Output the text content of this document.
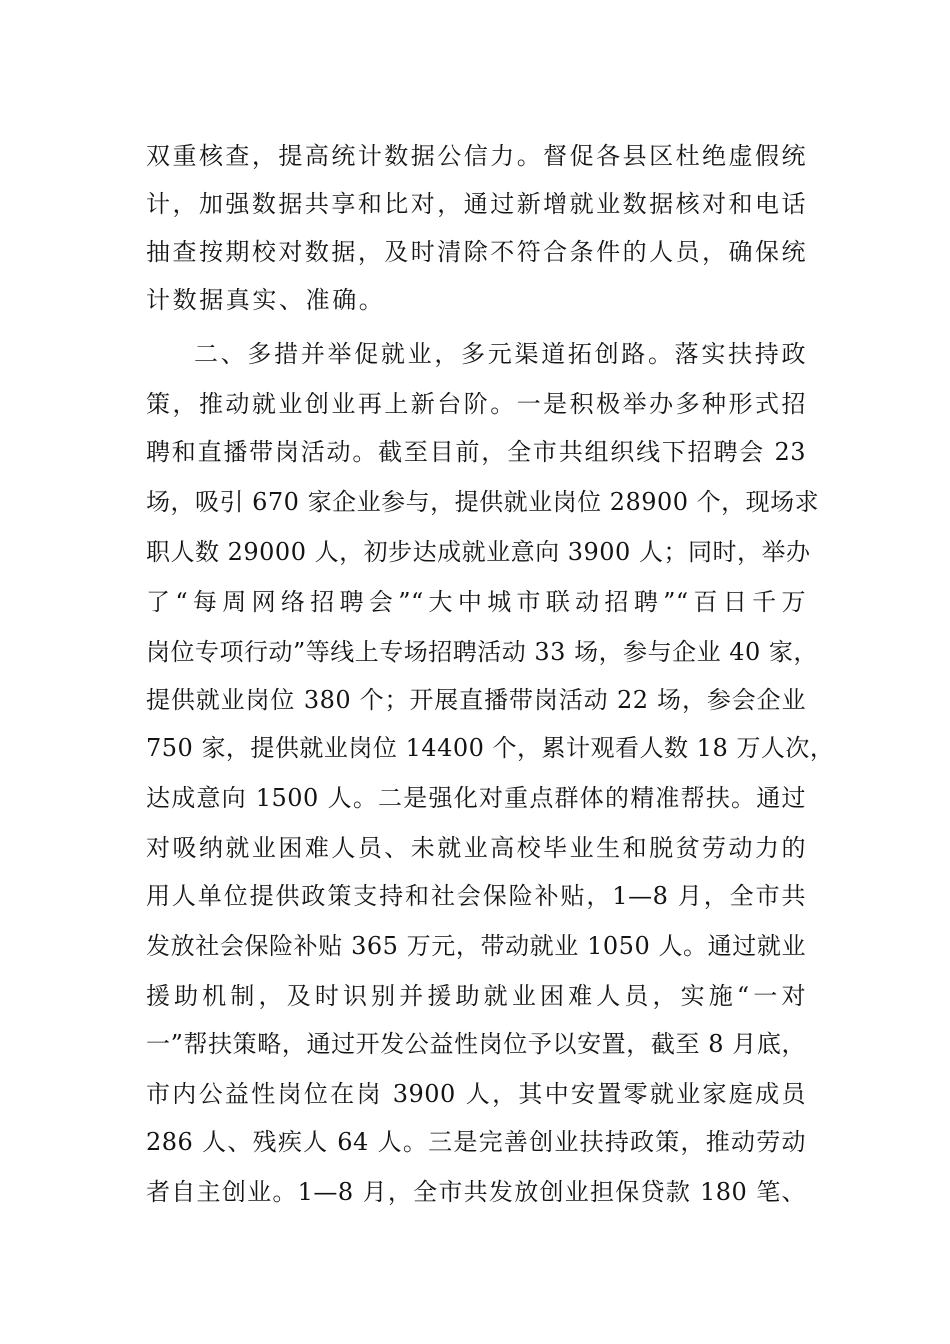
双重核查，提高统计数据公信力。督促各县区杜绝虚假统
计，加强数据共享和比对，通过新增就业数据核对和电话
抽查按期校对数据，及时清除不符合条件的人员，确保统
计数据真实、准确。
二、多措并举促就业，多元渠道拓创路。落实扶持政
策，推动就业创业再上新台阶。一是积极举办多种形式招
聘和直播带岗活动。截至目前，全市共组织线下招聘会 23
场，吸引 670 家企业参与，提供就业岗位 28900 个，现场求
职人数 29000 人，初步达成就业意向 3900 人；同时，举办
了“每周网络招聘会”“大中城市联动招聘”“百日千万
岗位专项行动”等线上专场招聘活动 33 场，参与企业 40 家，
提供就业岗位 380 个；开展直播带岗活动 22 场，参会企业
750 家，提供就业岗位 14400 个，累计观看人数 18 万人次，
达成意向 1500 人。二是强化对重点群体的精准帮扶。通过
对吸纳就业困难人员、未就业高校毕业生和脱贫劳动力的
用人单位提供政策支持和社会保险补贴，1—8 月，全市共
发放社会保险补贴 365 万元，带动就业 1050 人。通过就业
援助机制，及时识别并援助就业困难人员，实施“一对
一”帮扶策略，通过开发公益性岗位予以安置，截至 8 月底，
市内公益性岗位在岗 3900 人，其中安置零就业家庭成员
286 人、残疾人 64 人。三是完善创业扶持政策，推动劳动
者自主创业。1—8 月，全市共发放创业担保贷款 180 笔、
